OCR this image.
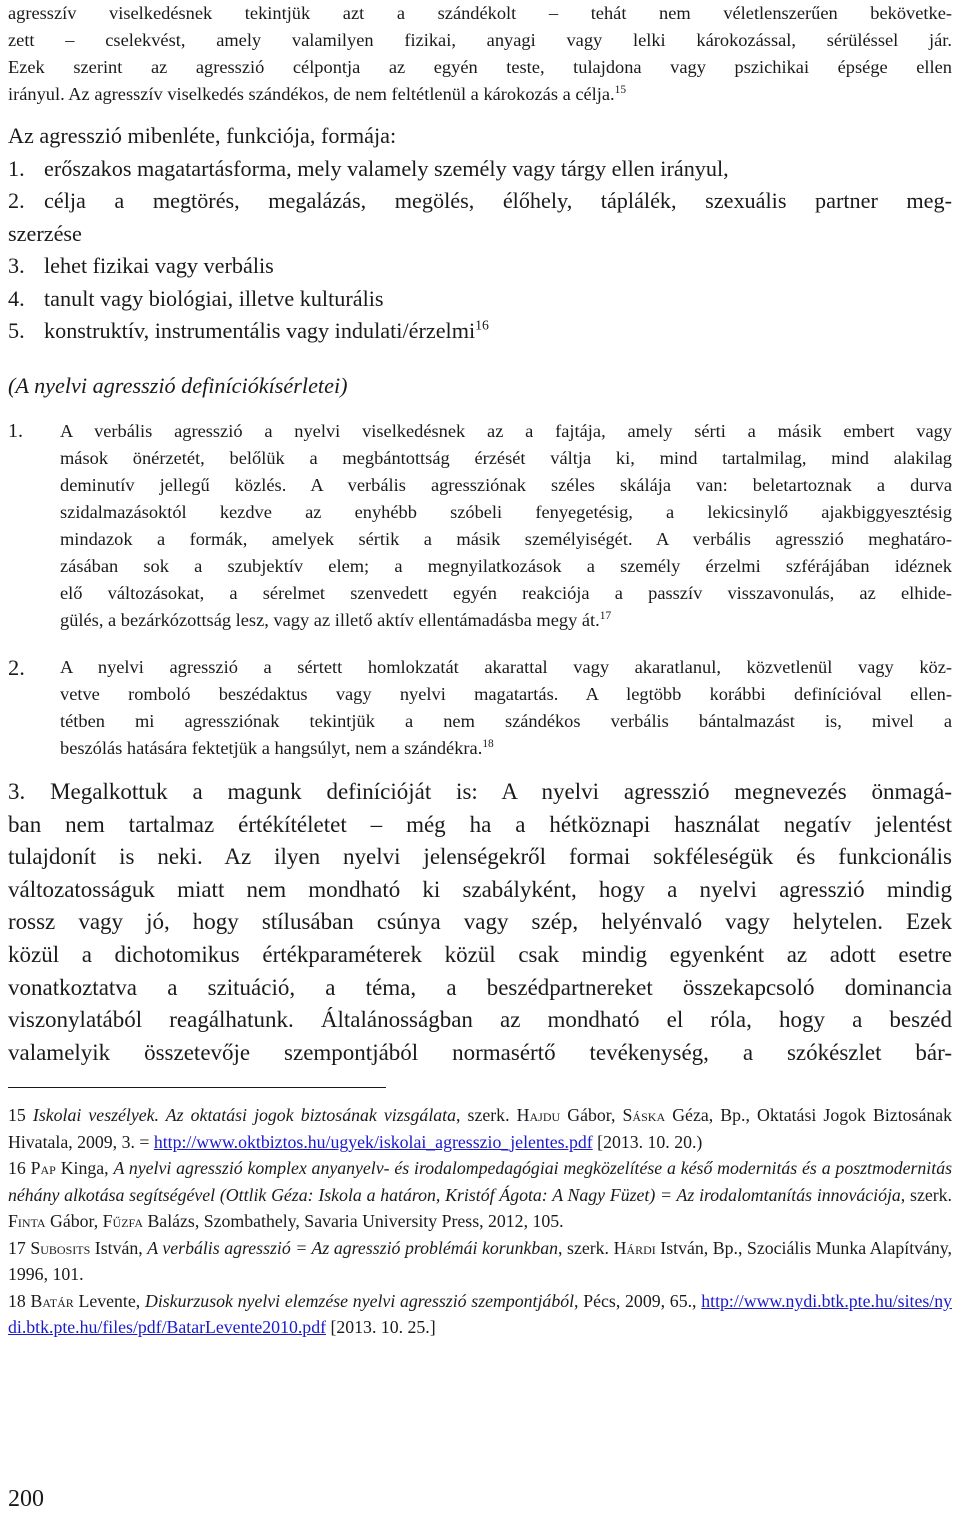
agresszív viselkedésnek tekintjük azt a szándékolt – tehát nem véletlenszerűen bekövetke-

zett – cselekvést, amely valamilyen fizikai, anyagi vagy lelki károkozással, sérüléssel jár.

Ezek szerint az agresszió célpontja az egyén teste, tulajdona vagy pszichikai épsége ellen

irányul. Az agresszív viselkedés szándékos, de nem feltétlenül a károkozás a célja.$^{15}$

Az agresszió mibenléte, funkciója, formája:

1. erőszakos magatartásforma, mely valamely személy vagy tárgy ellen irányul,

2. célja a megtörés, megalázás, megölés, élőhely, táplálék, szexuális partner meg-

szerzése

3. lehet fizikai vagy verbális

4. tanult vagy biológiai, illetve kulturális

5. konstruktív, instrumentális vagy indulati/érzelmi$^{16}$

(A nyelvi agresszió definíciókísérletei)

1. A verbális agresszió a nyelvi viselkedésnek az a fajtája, amely sérti a másik embert vagy

mások önérzetét, belőlük a megbántottság érzését váltja ki, mind tartalmilag, mind alakilag

deminutív jellegű közlés. A verbális agressziónak széles skálája van: beletartoznak a durva

szidalmazásoktól kezdve az enyhébb szóbeli fenyegetésig, a lekicsinylő ajakbiggyesztésig

mindazok a formák, amelyek sértik a másik személyiségét. A verbális agresszió meghatáro-

zásában sok a szubjektív elem; a megnyilatkozások a személy érzelmi szférájában idéznek

elő változásokat, a sérelmet szenvedett egyén reakciója a passzív visszavonulás, az elhide-

gülés, a bezárkózottság lesz, vagy az illető aktív ellentámadásba megy át.$^{17}$

2. A nyelvi agresszió a sértett homlokzatát akarattal vagy akaratlanul, közvetlenül vagy köz-

vetve romboló beszédaktus vagy nyelvi magatartás. A legtöbb korábbi definícióval ellen-

tétben mi agressziónak tekintjük a nem szándékos verbális bántalmazást is, mivel a

beszólás hatására fektetjük a hangsúlyt, nem a szándékra.$^{18}$

3. Megalkottuk a magunk definícióját is: A nyelvi agresszió megnevezés önmagá-

ban nem tartalmaz értékítéletet – még ha a hétköznapi használat negatív jelentést

tulajdonít is neki. Az ilyen nyelvi jelenségekről formai sokféleségük és funkcionális

változatosságuk miatt nem mondható ki szabályként, hogy a nyelvi agresszió mindig

rossz vagy jó, hogy stílusában csúnya vagy szép, helyénvaló vagy helytelen. Ezek

közül a dichotomikus értékparaméterek közül csak mindig egyenként az adott esetre

vonatkoztatva a szituáció, a téma, a beszédpartnereket összekapcsoló dominancia

viszonylatából reagálhatunk. Általánosságban az mondható el róla, hogy a beszéd

valamelyik összetevője szempontjából normasértő tevékenység, a szókészlet bár-

15 Iskolai veszélyek. Az oktatási jogok biztosának vizsgálata, szerk. Hajdu Gábor, Sáska Géza, Bp., Oktatási Jogok Biztosának Hivatala, 2009, 3. = http://www.oktbiztos.hu/ugyek/iskolai_agresszio_jelentes.pdf [2013. 10. 20.)

16 Pap Kinga, A nyelvi agresszió komplex anyanyelv- és irodalompedagógiai megközelítése a késő modernitás és a posztmodernitás néhány alkotása segítségével (Ottlik Géza: Iskola a határon, Kristóf Ágota: A Nagy Füzet) = Az irodalomtanítás innovációja, szerk. Finta Gábor, Fűzfa Balázs, Szombathely, Savaria University Press, 2012, 105.

17 Subosits István, A verbális agresszió = Az agresszió problémái korunkban, szerk. Hárdi István, Bp., Szociális Munka Alapítvány, 1996, 101.

18 Batár Levente, Diskurzusok nyelvi elemzése nyelvi agresszió szempontjából, Pécs, 2009, 65., http://www.nydi.btk.pte.hu/sites/nydi.btk.pte.hu/files/pdf/BatarLevente2010.pdf [2013. 10. 25.]

200
